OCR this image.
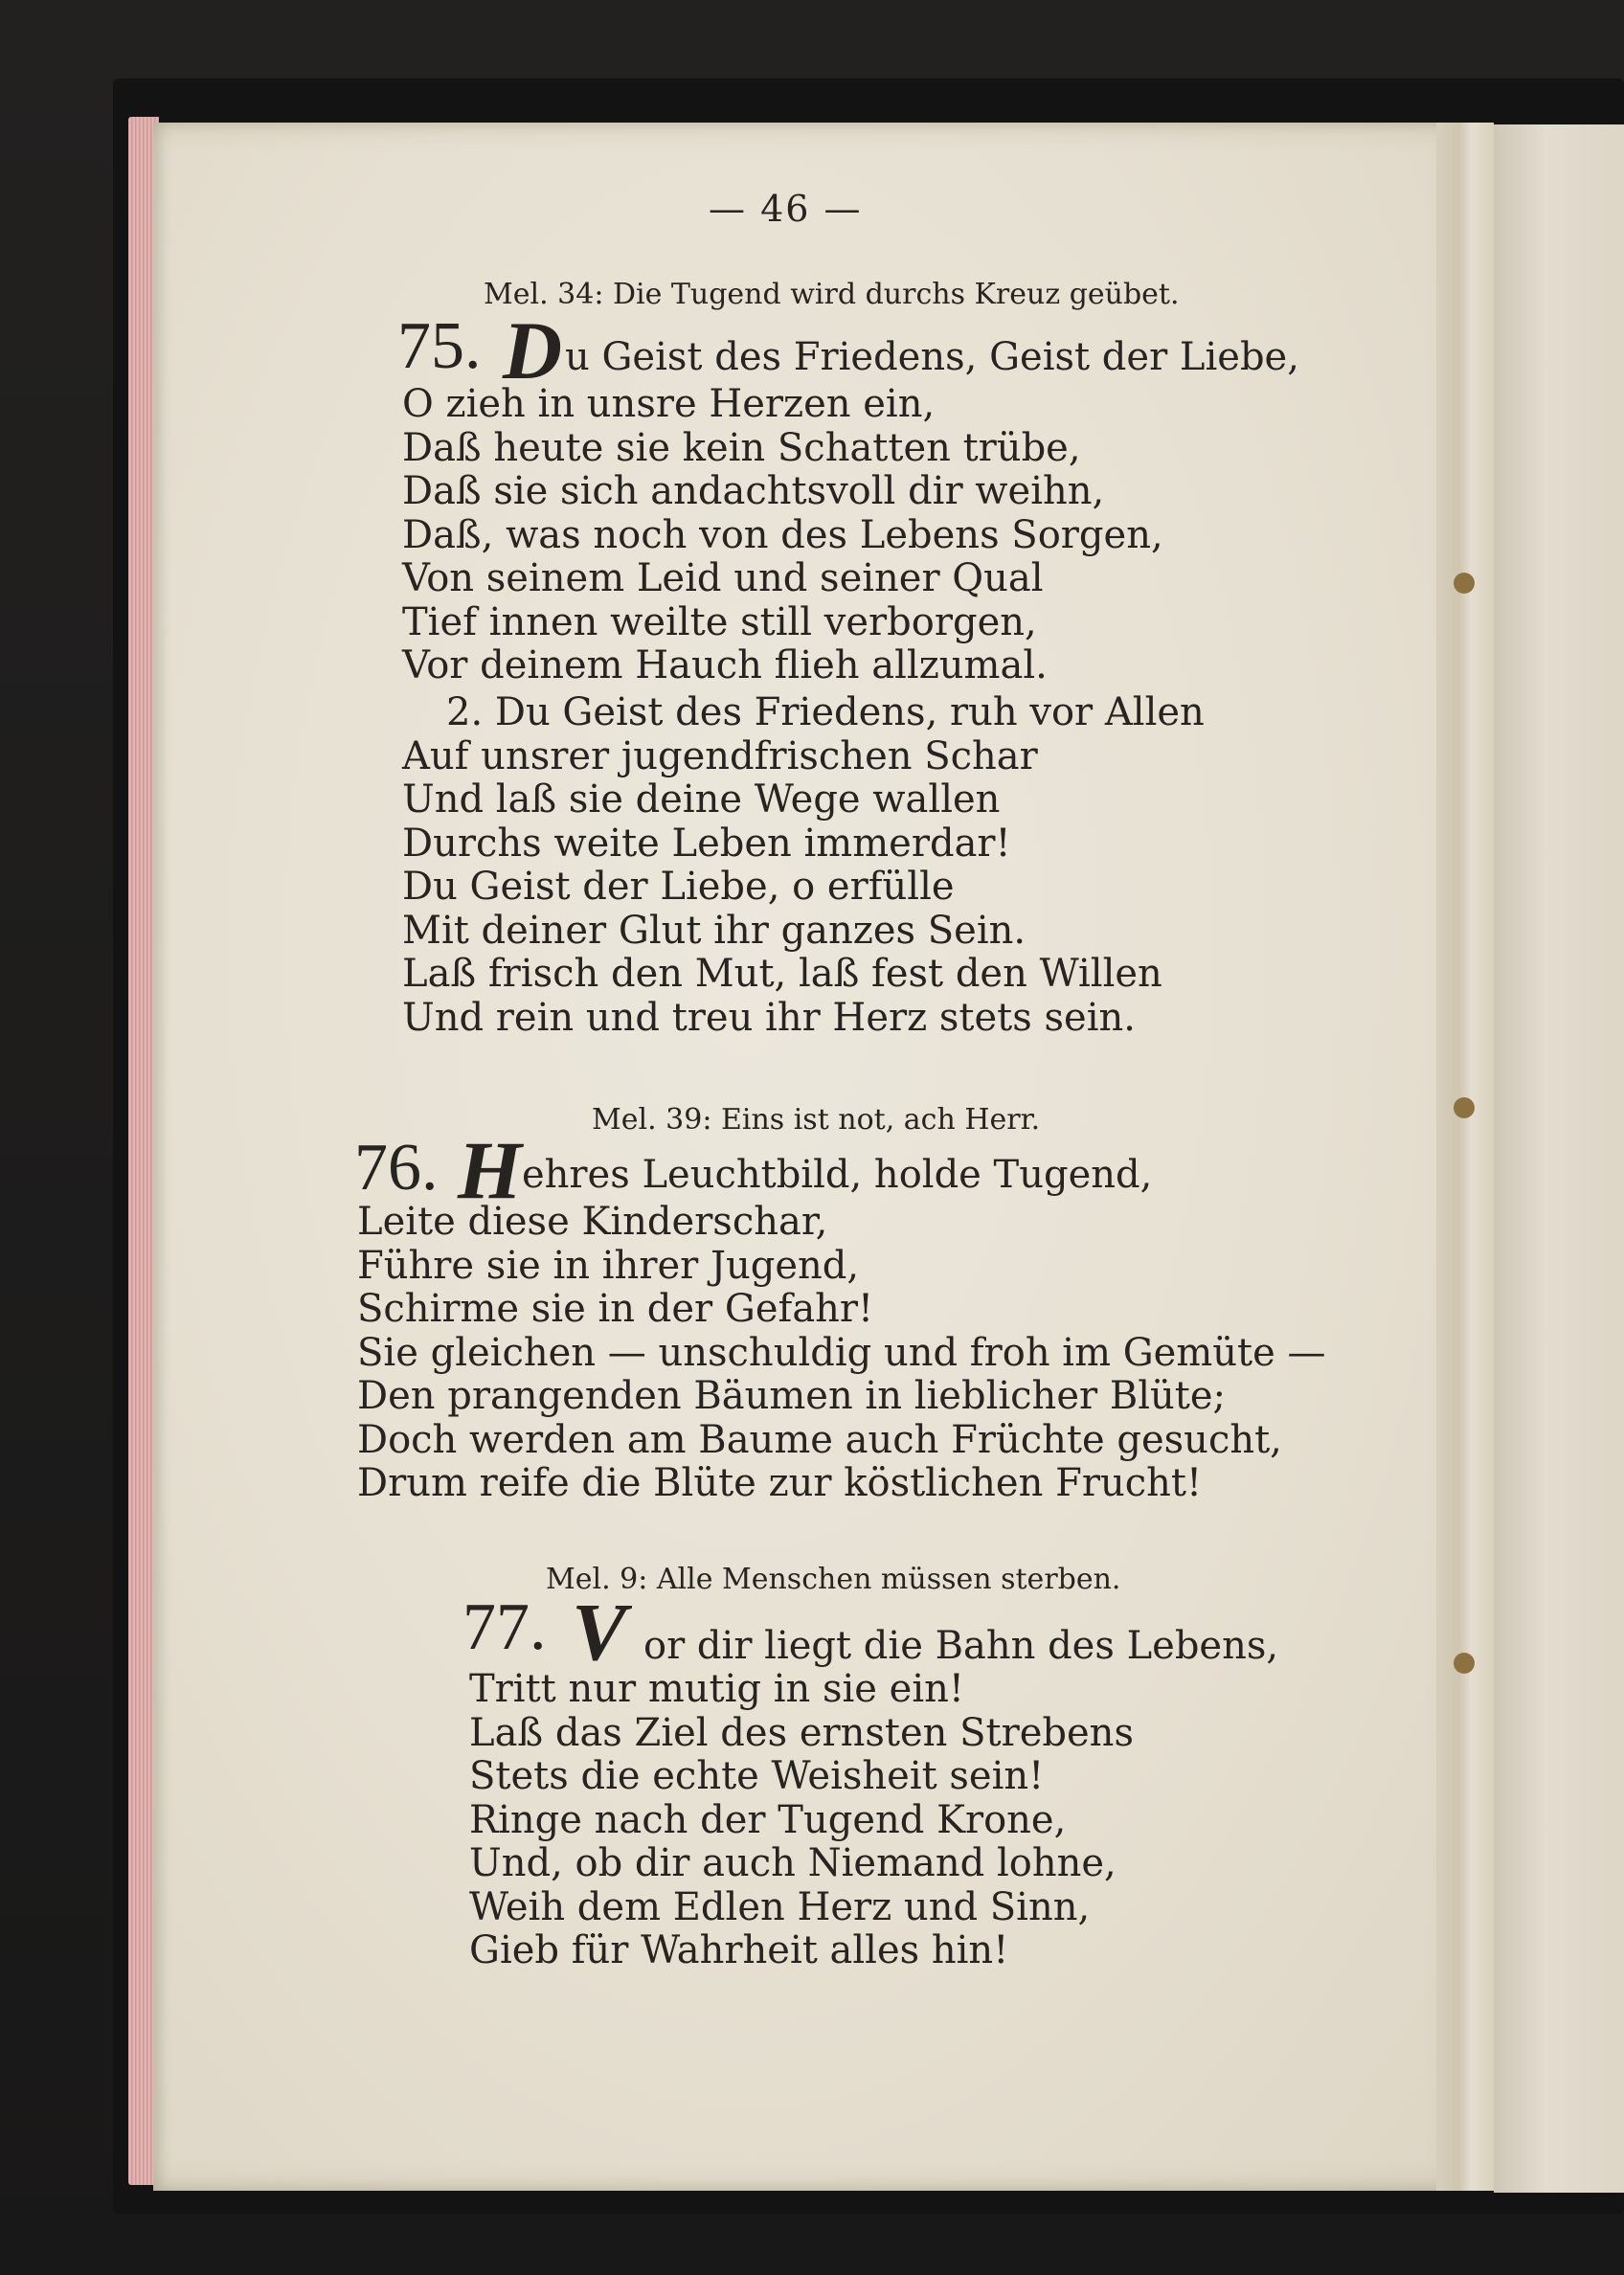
— 46 —
Mel. 34: Die Tugend wird durchs Kreuz geübet.
75. D u Geist des Friedens, Geist der Liebe,
O zieh in unsre Herzen ein,
Daß heute sie kein Schatten trübe,
Daß sie sich andachtsvoll dir weihn,
Daß, was noch von des Lebens Sorgen,
Von seinem Leid und seiner Qual
Tief innen weilte still verborgen,
Vor deinem Hauch flieh allzumal.
2. Du Geist des Friedens, ruh vor Allen
Auf unsrer jugendfrischen Schar
Und laß sie deine Wege wallen
Durchs weite Leben immerdar!
Du Geist der Liebe, o erfülle
Mit deiner Glut ihr ganzes Sein.
Laß frisch den Mut, laß fest den Willen
Und rein und treu ihr Herz stets sein.
Mel. 39: Eins ist not, ach Herr.
76. H ehres Leuchtbild, holde Tugend,
Leite diese Kinderschar,
Führe sie in ihrer Jugend,
Schirme sie in der Gefahr!
Sie gleichen — unschuldig und froh im Gemüte —
Den prangenden Bäumen in lieblicher Blüte;
Doch werden am Baume auch Früchte gesucht,
Drum reife die Blüte zur köstlichen Frucht!
Mel. 9: Alle Menschen müssen sterben.
77. V or dir liegt die Bahn des Lebens,
Tritt nur mutig in sie ein!
Laß das Ziel des ernsten Strebens
Stets die echte Weisheit sein!
Ringe nach der Tugend Krone,
Und, ob dir auch Niemand lohne,
Weih dem Edlen Herz und Sinn,
Gieb für Wahrheit alles hin!
